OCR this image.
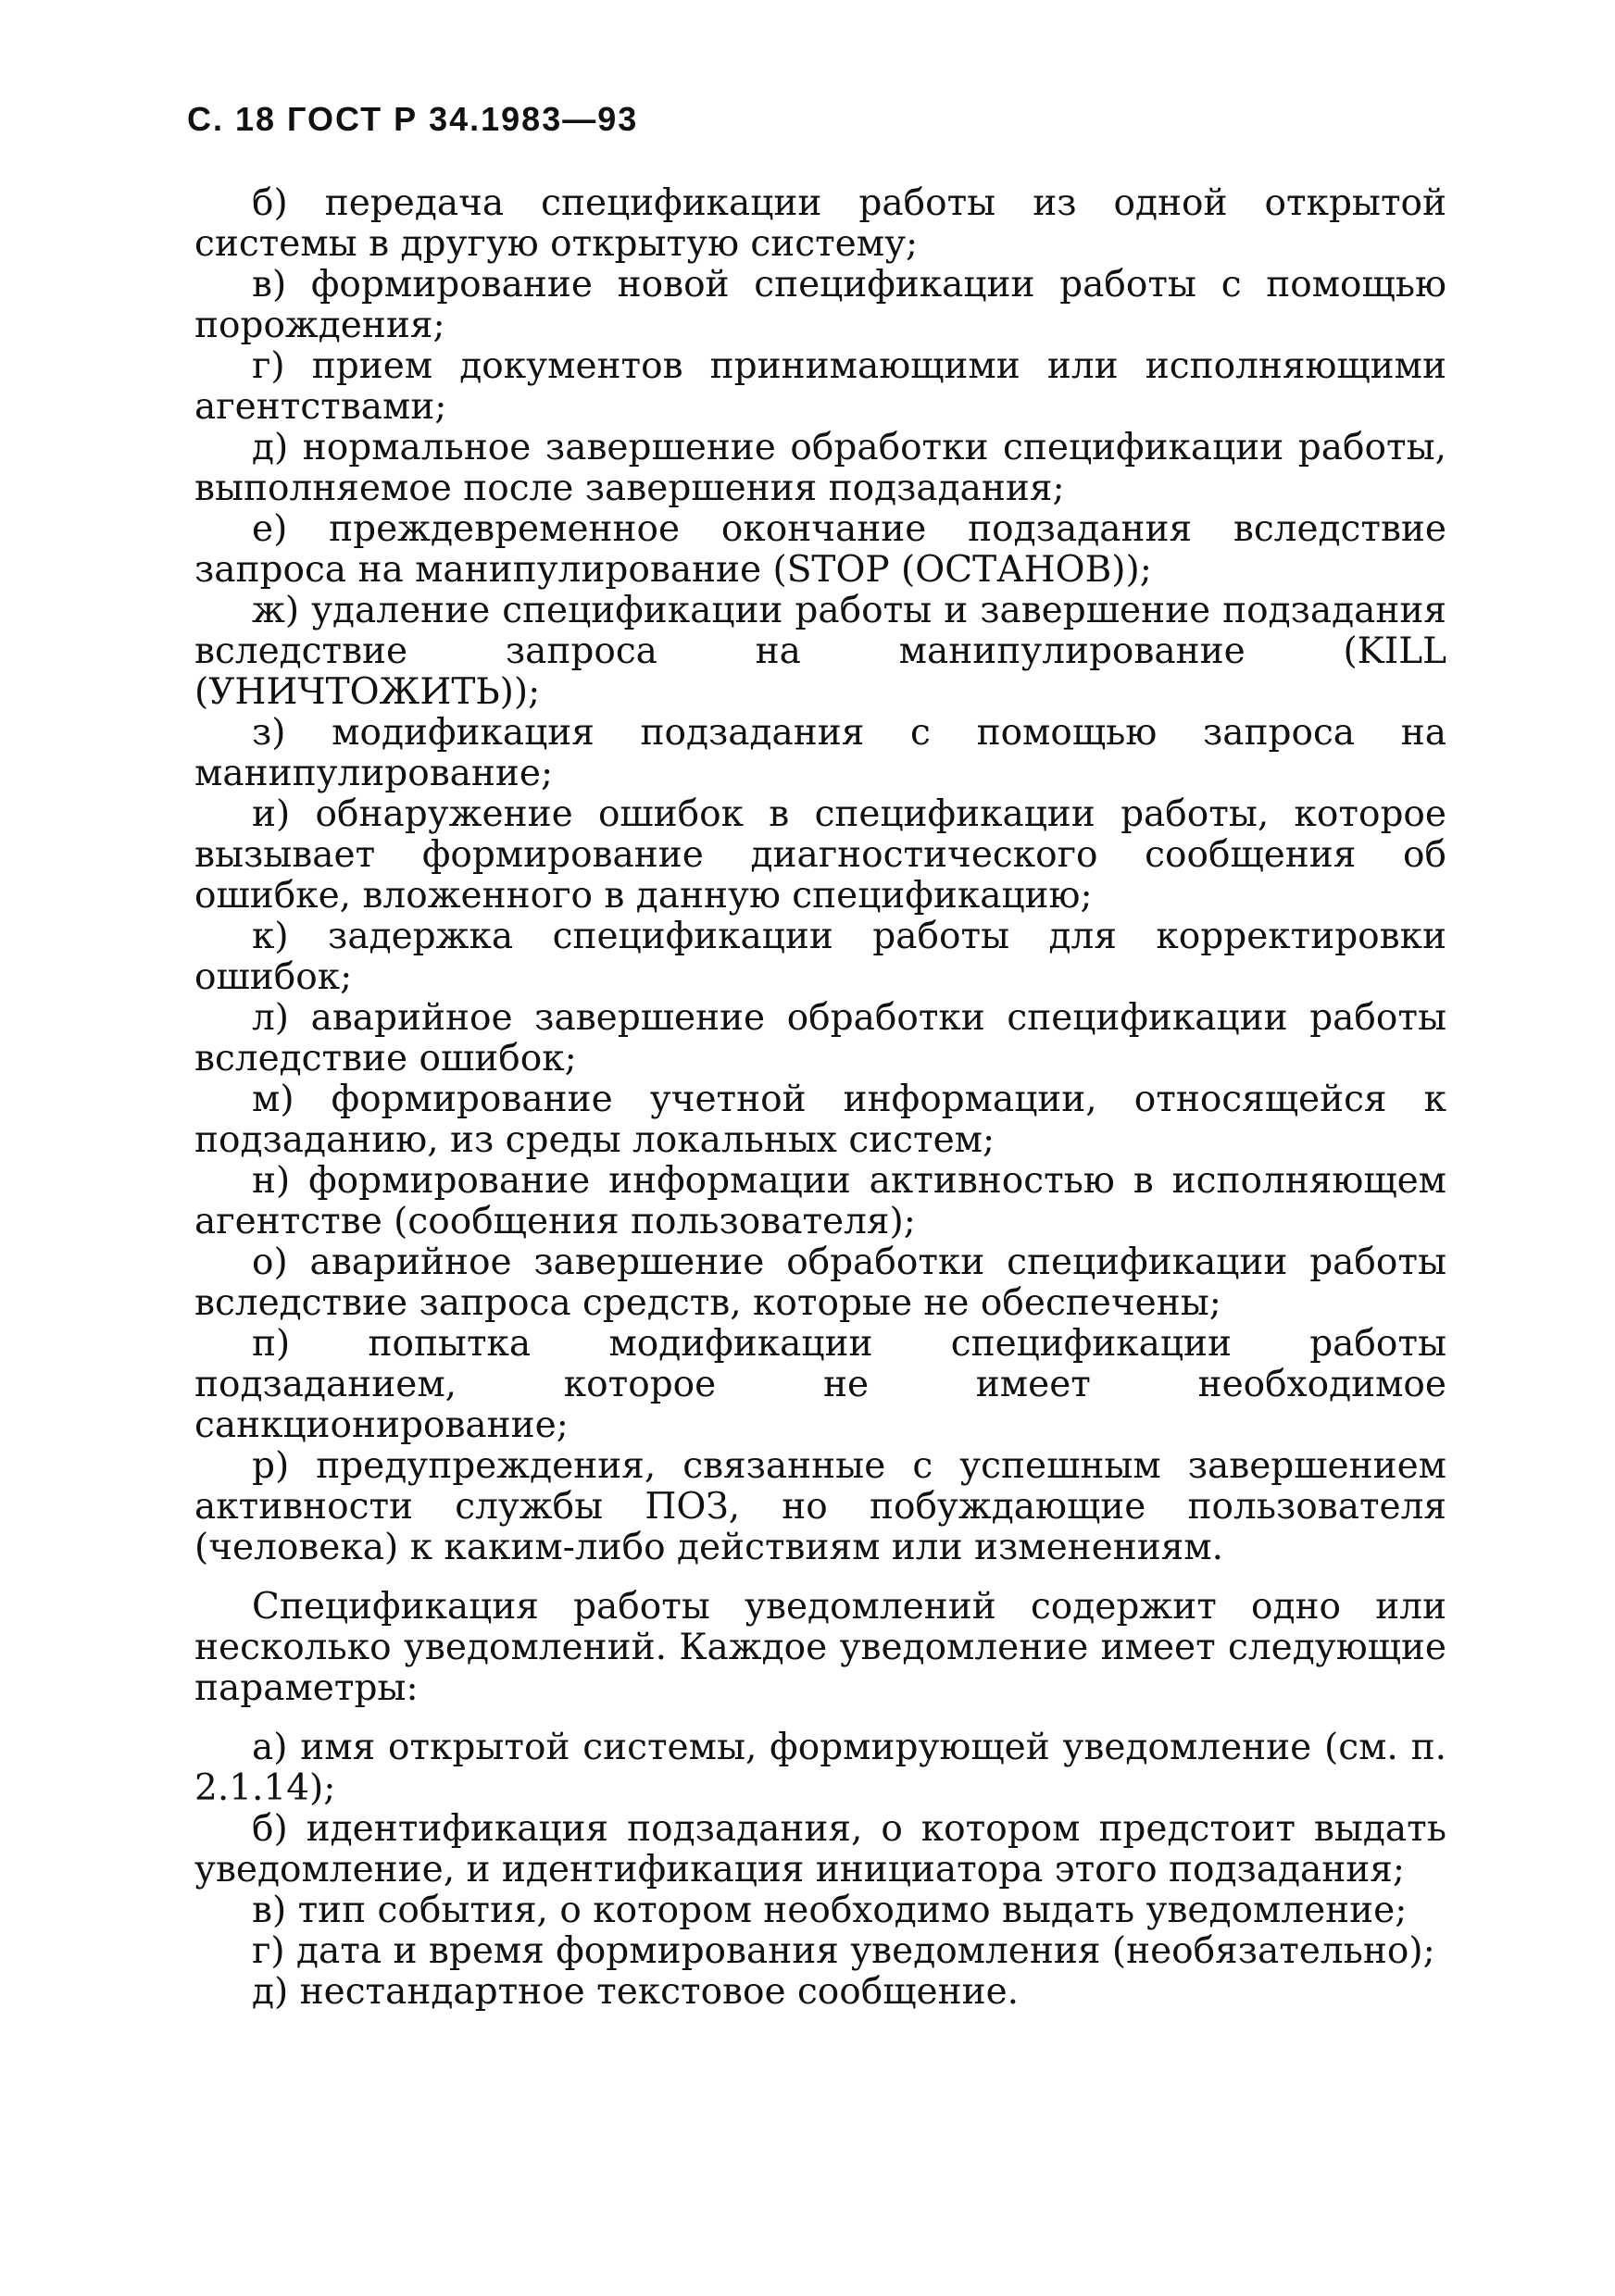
С. 18 ГОСТ Р 34.1983—93

б) передача спецификации работы из одной открытой системы в другую открытую систему;

в) формирование новой спецификации работы с помощью порождения;

г) прием документов принимающими или исполняющими агентствами;

д) нормальное завершение обработки спецификации работы, выполняемое после завершения подзадания;

е) преждевременное окончание подзадания вследствие запроса на манипулирование (STOP (ОСТАНОВ));

ж) удаление спецификации работы и завершение подзадания вследствие запроса на манипулирование (KILL (УНИЧТОЖИТЬ));

з) модификация подзадания с помощью запроса на манипулирование;

и) обнаружение ошибок в спецификации работы, которое вызывает формирование диагностического сообщения об ошибке, вложенного в данную спецификацию;

к) задержка спецификации работы для корректировки ошибок;

л) аварийное завершение обработки спецификации работы вследствие ошибок;

м) формирование учетной информации, относящейся к подзаданию, из среды локальных систем;

н) формирование информации активностью в исполняющем агентстве (сообщения пользователя);

о) аварийное завершение обработки спецификации работы вследствие запроса средств, которые не обеспечены;

п) попытка модификации спецификации работы подзаданием, которое не имеет необходимое санкционирование;

р) предупреждения, связанные с успешным завершением активности службы ПОЗ, но побуждающие пользователя (человека) к каким-либо действиям или изменениям.

Спецификация работы уведомлений содержит одно или несколько уведомлений. Каждое уведомление имеет следующие параметры:

а) имя открытой системы, формирующей уведомление (см. п. 2.1.14);

б) идентификация подзадания, о котором предстоит выдать уведомление, и идентификация инициатора этого подзадания;

в) тип события, о котором необходимо выдать уведомление;

г) дата и время формирования уведомления (необязательно);

д) нестандартное текстовое сообщение.
